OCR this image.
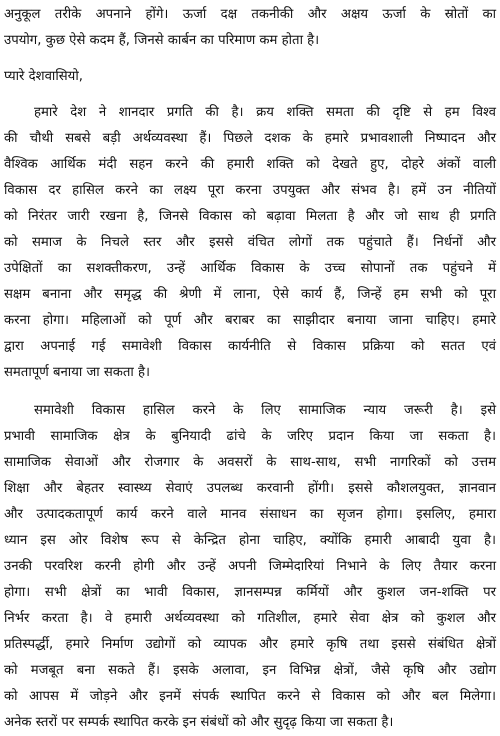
अनुकूल तरीके अपनाने होंगे। ऊर्जा दक्ष तकनीकी और अक्षय ऊर्जा के स्रोतों का
उपयोग, कुछ ऐसे कदम हैं, जिनसे कार्बन का परिमाण कम होता है।
प्यारे देशवासियो,
हमारे देश ने शानदार प्रगति की है। क्रय शक्ति समता की दृष्टि से हम विश्व
की चौथी सबसे बड़ी अर्थव्यवस्था हैं। पिछले दशक के हमारे प्रभावशाली निष्पादन और
वैश्विक आर्थिक मंदी सहन करने की हमारी शक्ति को देखते हुए, दोहरे अंकों वाली
विकास दर हासिल करने का लक्ष्य पूरा करना उपयुक्त और संभव है। हमें उन नीतियों
को निरंतर जारी रखना है, जिनसे विकास को बढ़ावा मिलता है और जो साथ ही प्रगति
को समाज के निचले स्तर और इससे वंचित लोगों तक पहुंचाते हैं। निर्धनों और
उपेक्षितों का सशक्तीकरण, उन्हें आर्थिक विकास के उच्च सोपानों तक पहुंचने में
सक्षम बनाना और समृद्ध की श्रेणी में लाना, ऐसे कार्य हैं, जिन्हें हम सभी को पूरा
करना होगा। महिलाओं को पूर्ण और बराबर का साझीदार बनाया जाना चाहिए। हमारे
द्वारा अपनाई गई समावेशी विकास कार्यनीति से विकास प्रक्रिया को सतत एवं
समतापूर्ण बनाया जा सकता है।
समावेशी विकास हासिल करने के लिए सामाजिक न्याय जरूरी है। इसे
प्रभावी सामाजिक क्षेत्र के बुनियादी ढांचे के जरिए प्रदान किया जा सकता है।
सामाजिक सेवाओं और रोजगार के अवसरों के साथ-साथ, सभी नागरिकों को उत्तम
शिक्षा और बेहतर स्वास्थ्य सेवाएं उपलब्ध करवानी होंगी। इससे कौशलयुक्त, ज्ञानवान
और उत्पादकतापूर्ण कार्य करने वाले मानव संसाधन का सृजन होगा। इसलिए, हमारा
ध्यान इस ओर विशेष रूप से केन्द्रित होना चाहिए, क्योंकि हमारी आबादी युवा है।
उनकी परवरिश करनी होगी और उन्हें अपनी जिम्मेदारियां निभाने के लिए तैयार करना
होगा। सभी क्षेत्रों का भावी विकास, ज्ञानसम्पन्न कर्मियों और कुशल जन-शक्ति पर
निर्भर करता है। वे हमारी अर्थव्यवस्था को गतिशील, हमारे सेवा क्षेत्र को कुशल और
प्रतिस्पर्द्धी, हमारे निर्माण उद्योगों को व्यापक और हमारे कृषि तथा इससे संबंधित क्षेत्रों
को मजबूत बना सकते हैं। इसके अलावा, इन विभिन्न क्षेत्रों, जैसे कृषि और उद्योग
को आपस में जोड़ने और इनमें संपर्क स्थापित करने से विकास को और बल मिलेगा।
अनेक स्तरों पर सम्पर्क स्थापित करके इन संबंधों को और सुदृढ़ किया जा सकता है।
